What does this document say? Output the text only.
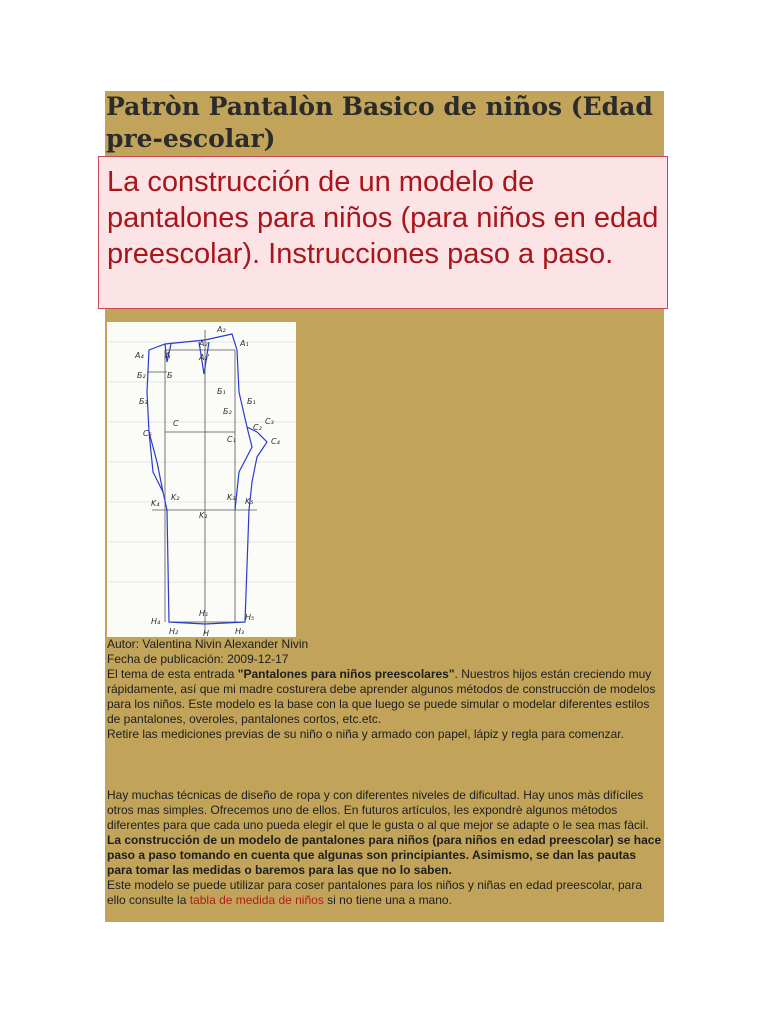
Patròn Pantalòn Basico de niños (Edad pre-escolar)

La construcción de un modelo de pantalones para niños (para niños en edad preescolar). Instrucciones paso a paso.

A₂
A₄	A
A₂
A₂'
A₁
Б₂	Б
Б₁
Б₃
Б₂
Б₁
C
C₅
C₁
C₂
C₃
C₄
K₄
K₂
K₁
K₃ K₅
H₄
H₁	H₅
H₂	H	H₃

Autor: Valentina Nivin Alexander Nivin

Fecha de publicación: 2009-12-17

El tema de esta entrada "Pantalones para niños preescolares". Nuestros hijos están creciendo muy rápidamente, así que mi madre costurera debe aprender algunos métodos de construcción de modelos para los niños. Este modelo es la base con la que luego se puede simular o modelar diferentes estilos de pantalones, overoles, pantalones cortos, etc.etc.

Retire las mediciones previas de su niño o niña y armado con papel, lápiz y regla para comenzar.

Hay muchas técnicas de diseño de ropa y con diferentes niveles de dificultad. Hay unos màs difíciles otros mas simples. Ofrecemos uno de ellos. En futuros artículos, les expondrè algunos métodos diferentes para que cada uno pueda elegir el que le gusta o al que mejor se adapte o le sea mas fàcil.

La construcción de un modelo de pantalones para niños (para niños en edad preescolar) se hace paso a paso tomando en cuenta que algunas son principiantes. Asimismo, se dan las pautas para tomar las medidas o baremos para las que no lo saben.

Este modelo se puede utilizar para coser pantalones para los niños y niñas en edad preescolar, para ello consulte la tabla de medida de niños si no tiene una a mano.
